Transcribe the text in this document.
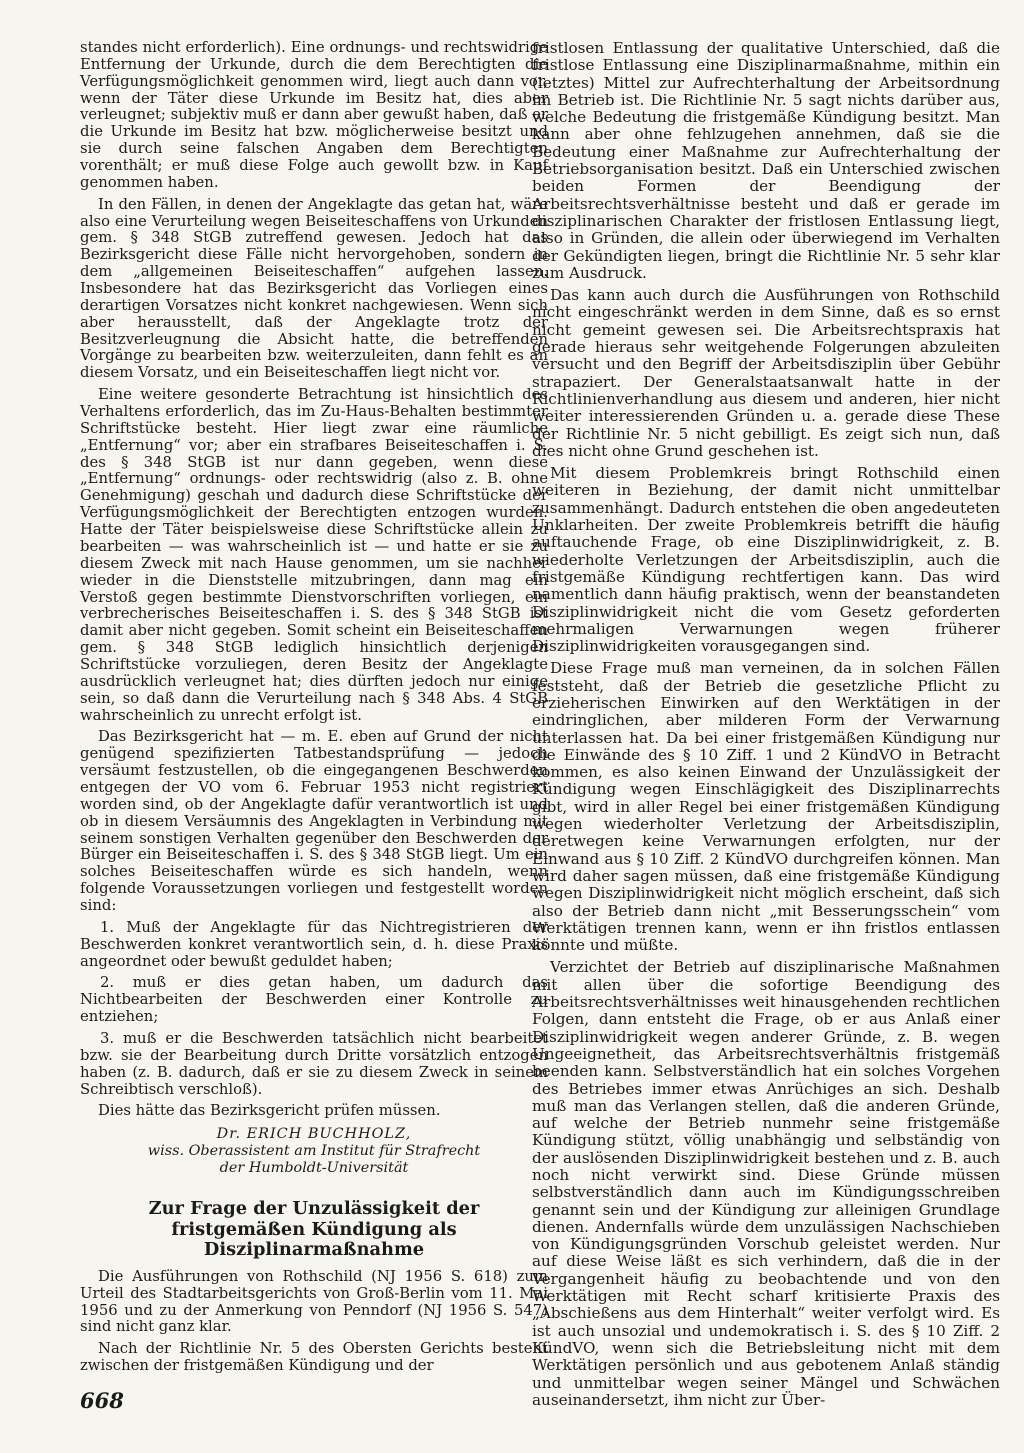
standes nicht erforderlich). Eine ordnungs- und rechtswidrige Entfernung der Urkunde, durch die dem Berechtigten die Verfügungsmöglichkeit genommen wird, liegt auch dann vor, wenn der Täter diese Urkunde im Besitz hat, dies aber verleugnet; subjektiv muß er dann aber gewußt haben, daß er die Urkunde im Besitz hat bzw. möglicherweise besitzt und sie durch seine falschen Angaben dem Berechtigten vorenthält; er muß diese Folge auch gewollt bzw. in Kauf genommen haben.

In den Fällen, in denen der Angeklagte das getan hat, wäre also eine Verurteilung wegen Beiseiteschaffens von Urkunden gem. § 348 StGB zutreffend gewesen. Jedoch hat das Bezirksgericht diese Fälle nicht hervorgehoben, sondern in dem „allgemeinen Beiseiteschaffen“ aufgehen lassen. Insbesondere hat das Bezirksgericht das Vorliegen eines derartigen Vorsatzes nicht konkret nachgewiesen. Wenn sich aber herausstellt, daß der Angeklagte trotz der Besitzverleugnung die Absicht hatte, die betreffenden Vorgänge zu bearbeiten bzw. weiterzuleiten, dann fehlt es an diesem Vorsatz, und ein Beiseiteschaffen liegt nicht vor.

Eine weitere gesonderte Betrachtung ist hinsichtlich des Verhaltens erforderlich, das im Zu-Haus-Behalten bestimmter Schriftstücke besteht. Hier liegt zwar eine räumliche „Entfernung“ vor; aber ein strafbares Beiseiteschaffen i. S. des § 348 StGB ist nur dann gegeben, wenn diese „Entfernung“ ordnungs- oder rechtswidrig (also z. B. ohne Genehmigung) geschah und dadurch diese Schriftstücke der Verfügungsmöglichkeit der Berechtigten entzogen wurden. Hatte der Täter beispielsweise diese Schriftstücke allein zu bearbeiten — was wahrscheinlich ist — und hatte er sie zu diesem Zweck mit nach Hause genommen, um sie nachher wieder in die Dienststelle mitzubringen, dann mag ein Verstoß gegen bestimmte Dienstvorschriften vorliegen, ein verbrecherisches Beiseiteschaffen i. S. des § 348 StGB ist damit aber nicht gegeben. Somit scheint ein Beiseiteschaffen gem. § 348 StGB lediglich hinsichtlich derjenigen Schriftstücke vorzuliegen, deren Besitz der Angeklagte ausdrücklich verleugnet hat; dies dürften jedoch nur einige sein, so daß dann die Verurteilung nach § 348 Abs. 4 StGB wahrscheinlich zu unrecht erfolgt ist.

Das Bezirksgericht hat — m. E. eben auf Grund der nicht genügend spezifizierten Tatbestandsprüfung — jedoch versäumt festzustellen, ob die eingegangenen Beschwerden entgegen der VO vom 6. Februar 1953 nicht registriert worden sind, ob der Angeklagte dafür verantwortlich ist und ob in diesem Versäumnis des Angeklagten in Verbindung mit seinem sonstigen Verhalten gegenüber den Beschwerden der Bürger ein Beiseiteschaffen i. S. des § 348 StGB liegt. Um ein solches Beiseiteschaffen würde es sich handeln, wenn folgende Voraussetzungen vorliegen und festgestellt worden sind:

1. Muß der Angeklagte für das Nichtregistrieren der Beschwerden konkret verantwortlich sein, d. h. diese Praxis angeordnet oder bewußt geduldet haben;

2. muß er dies getan haben, um dadurch das Nichtbearbeiten der Beschwerden einer Kontrolle zu entziehen;

3. muß er die Beschwerden tatsächlich nicht bearbeitet bzw. sie der Bearbeitung durch Dritte vorsätzlich entzogen haben (z. B. dadurch, daß er sie zu diesem Zweck in seinem Schreibtisch verschloß).

Dies hätte das Bezirksgericht prüfen müssen.

Dr. ERICH BUCHHOLZ,
wiss. Oberassistent am Institut für Strafrecht
der Humboldt-Universität
Zur Frage der Unzulässigkeit der fristgemäßen Kündigung als Disziplinarmaßnahme

Die Ausführungen von Rothschild (NJ 1956 S. 618) zum Urteil des Stadtarbeitsgerichts von Groß-Berlin vom 11. Mai 1956 und zu der Anmerkung von Penndorf (NJ 1956 S. 547) sind nicht ganz klar.

Nach der Richtlinie Nr. 5 des Obersten Gerichts besteht zwischen der fristgemäßen Kündigung und der

fristlosen Entlassung der qualitative Unterschied, daß die fristlose Entlassung eine Disziplinarmaßnahme, mithin ein (letztes) Mittel zur Aufrechterhaltung der Arbeitsordnung im Betrieb ist. Die Richtlinie Nr. 5 sagt nichts darüber aus, welche Bedeutung die fristgemäße Kündigung besitzt. Man kann aber ohne fehlzugehen annehmen, daß sie die Bedeutung einer Maßnahme zur Aufrechterhaltung der Betriebsorganisation besitzt. Daß ein Unterschied zwischen beiden Formen der Beendigung der Arbeitsrechtsverhältnisse besteht und daß er gerade im disziplinarischen Charakter der fristlosen Entlassung liegt, also in Gründen, die allein oder überwiegend im Verhalten der Gekündigten liegen, bringt die Richtlinie Nr. 5 sehr klar zum Ausdruck.

Das kann auch durch die Ausführungen von Rothschild nicht eingeschränkt werden in dem Sinne, daß es so ernst nicht gemeint gewesen sei. Die Arbeitsrechtspraxis hat gerade hieraus sehr weitgehende Folgerungen abzuleiten versucht und den Begriff der Arbeitsdisziplin über Gebühr strapaziert. Der Generalstaatsanwalt hatte in der Richtlinienverhandlung aus diesem und anderen, hier nicht weiter interessierenden Gründen u. a. gerade diese These der Richtlinie Nr. 5 nicht gebilligt. Es zeigt sich nun, daß dies nicht ohne Grund geschehen ist.

Mit diesem Problemkreis bringt Rothschild einen weiteren in Beziehung, der damit nicht unmittelbar zusammenhängt. Dadurch entstehen die oben angedeuteten Unklarheiten. Der zweite Problemkreis betrifft die häufig auftauchende Frage, ob eine Disziplinwidrigkeit, z. B. wiederholte Verletzungen der Arbeitsdisziplin, auch die fristgemäße Kündigung rechtfertigen kann. Das wird namentlich dann häufig praktisch, wenn der beanstandeten Disziplinwidrigkeit nicht die vom Gesetz geforderten mehrmaligen Verwarnungen wegen früherer Disziplinwidrigkeiten vorausgegangen sind.

Diese Frage muß man verneinen, da in solchen Fällen feststeht, daß der Betrieb die gesetzliche Pflicht zu erzieherischen Einwirken auf den Werktätigen in der eindringlichen, aber milderen Form der Verwarnung unterlassen hat. Da bei einer fristgemäßen Kündigung nur die Einwände des § 10 Ziff. 1 und 2 KündVO in Betracht kommen, es also keinen Einwand der Unzulässigkeit der Kündigung wegen Einschlägigkeit des Disziplinarrechts gibt, wird in aller Regel bei einer fristgemäßen Kündigung wegen wiederholter Verletzung der Arbeitsdisziplin, deretwegen keine Verwarnungen erfolgten, nur der Einwand aus § 10 Ziff. 2 KündVO durchgreifen können. Man wird daher sagen müssen, daß eine fristgemäße Kündigung wegen Disziplinwidrigkeit nicht möglich erscheint, daß sich also der Betrieb dann nicht „mit Besserungsschein“ vom Werktätigen trennen kann, wenn er ihn fristlos entlassen könnte und müßte.

Verzichtet der Betrieb auf disziplinarische Maßnahmen mit allen über die sofortige Beendigung des Arbeitsrechtsverhältnisses weit hinausgehenden rechtlichen Folgen, dann entsteht die Frage, ob er aus Anlaß einer Disziplinwidrigkeit wegen anderer Gründe, z. B. wegen Ungeeignetheit, das Arbeitsrechtsverhältnis fristgemäß beenden kann. Selbstverständlich hat ein solches Vorgehen des Betriebes immer etwas Anrüchiges an sich. Deshalb muß man das Verlangen stellen, daß die anderen Gründe, auf welche der Betrieb nunmehr seine fristgemäße Kündigung stützt, völlig unabhängig und selbständig von der auslösenden Disziplinwidrigkeit bestehen und z. B. auch noch nicht verwirkt sind. Diese Gründe müssen selbstverständlich dann auch im Kündigungsschreiben genannt sein und der Kündigung zur alleinigen Grundlage dienen. Andernfalls würde dem unzulässigen Nachschieben von Kündigungsgründen Vorschub geleistet werden. Nur auf diese Weise läßt es sich verhindern, daß die in der Vergangenheit häufig zu beobachtende und von den Werktätigen mit Recht scharf kritisierte Praxis des „Abschießens aus dem Hinterhalt“ weiter verfolgt wird. Es ist auch unsozial und undemokratisch i. S. des § 10 Ziff. 2 KündVO, wenn sich die Betriebsleitung nicht mit dem Werktätigen persönlich und aus gebotenem Anlaß ständig und unmittelbar wegen seiner Mängel und Schwächen auseinandersetzt, ihm nicht zur Über-

668
